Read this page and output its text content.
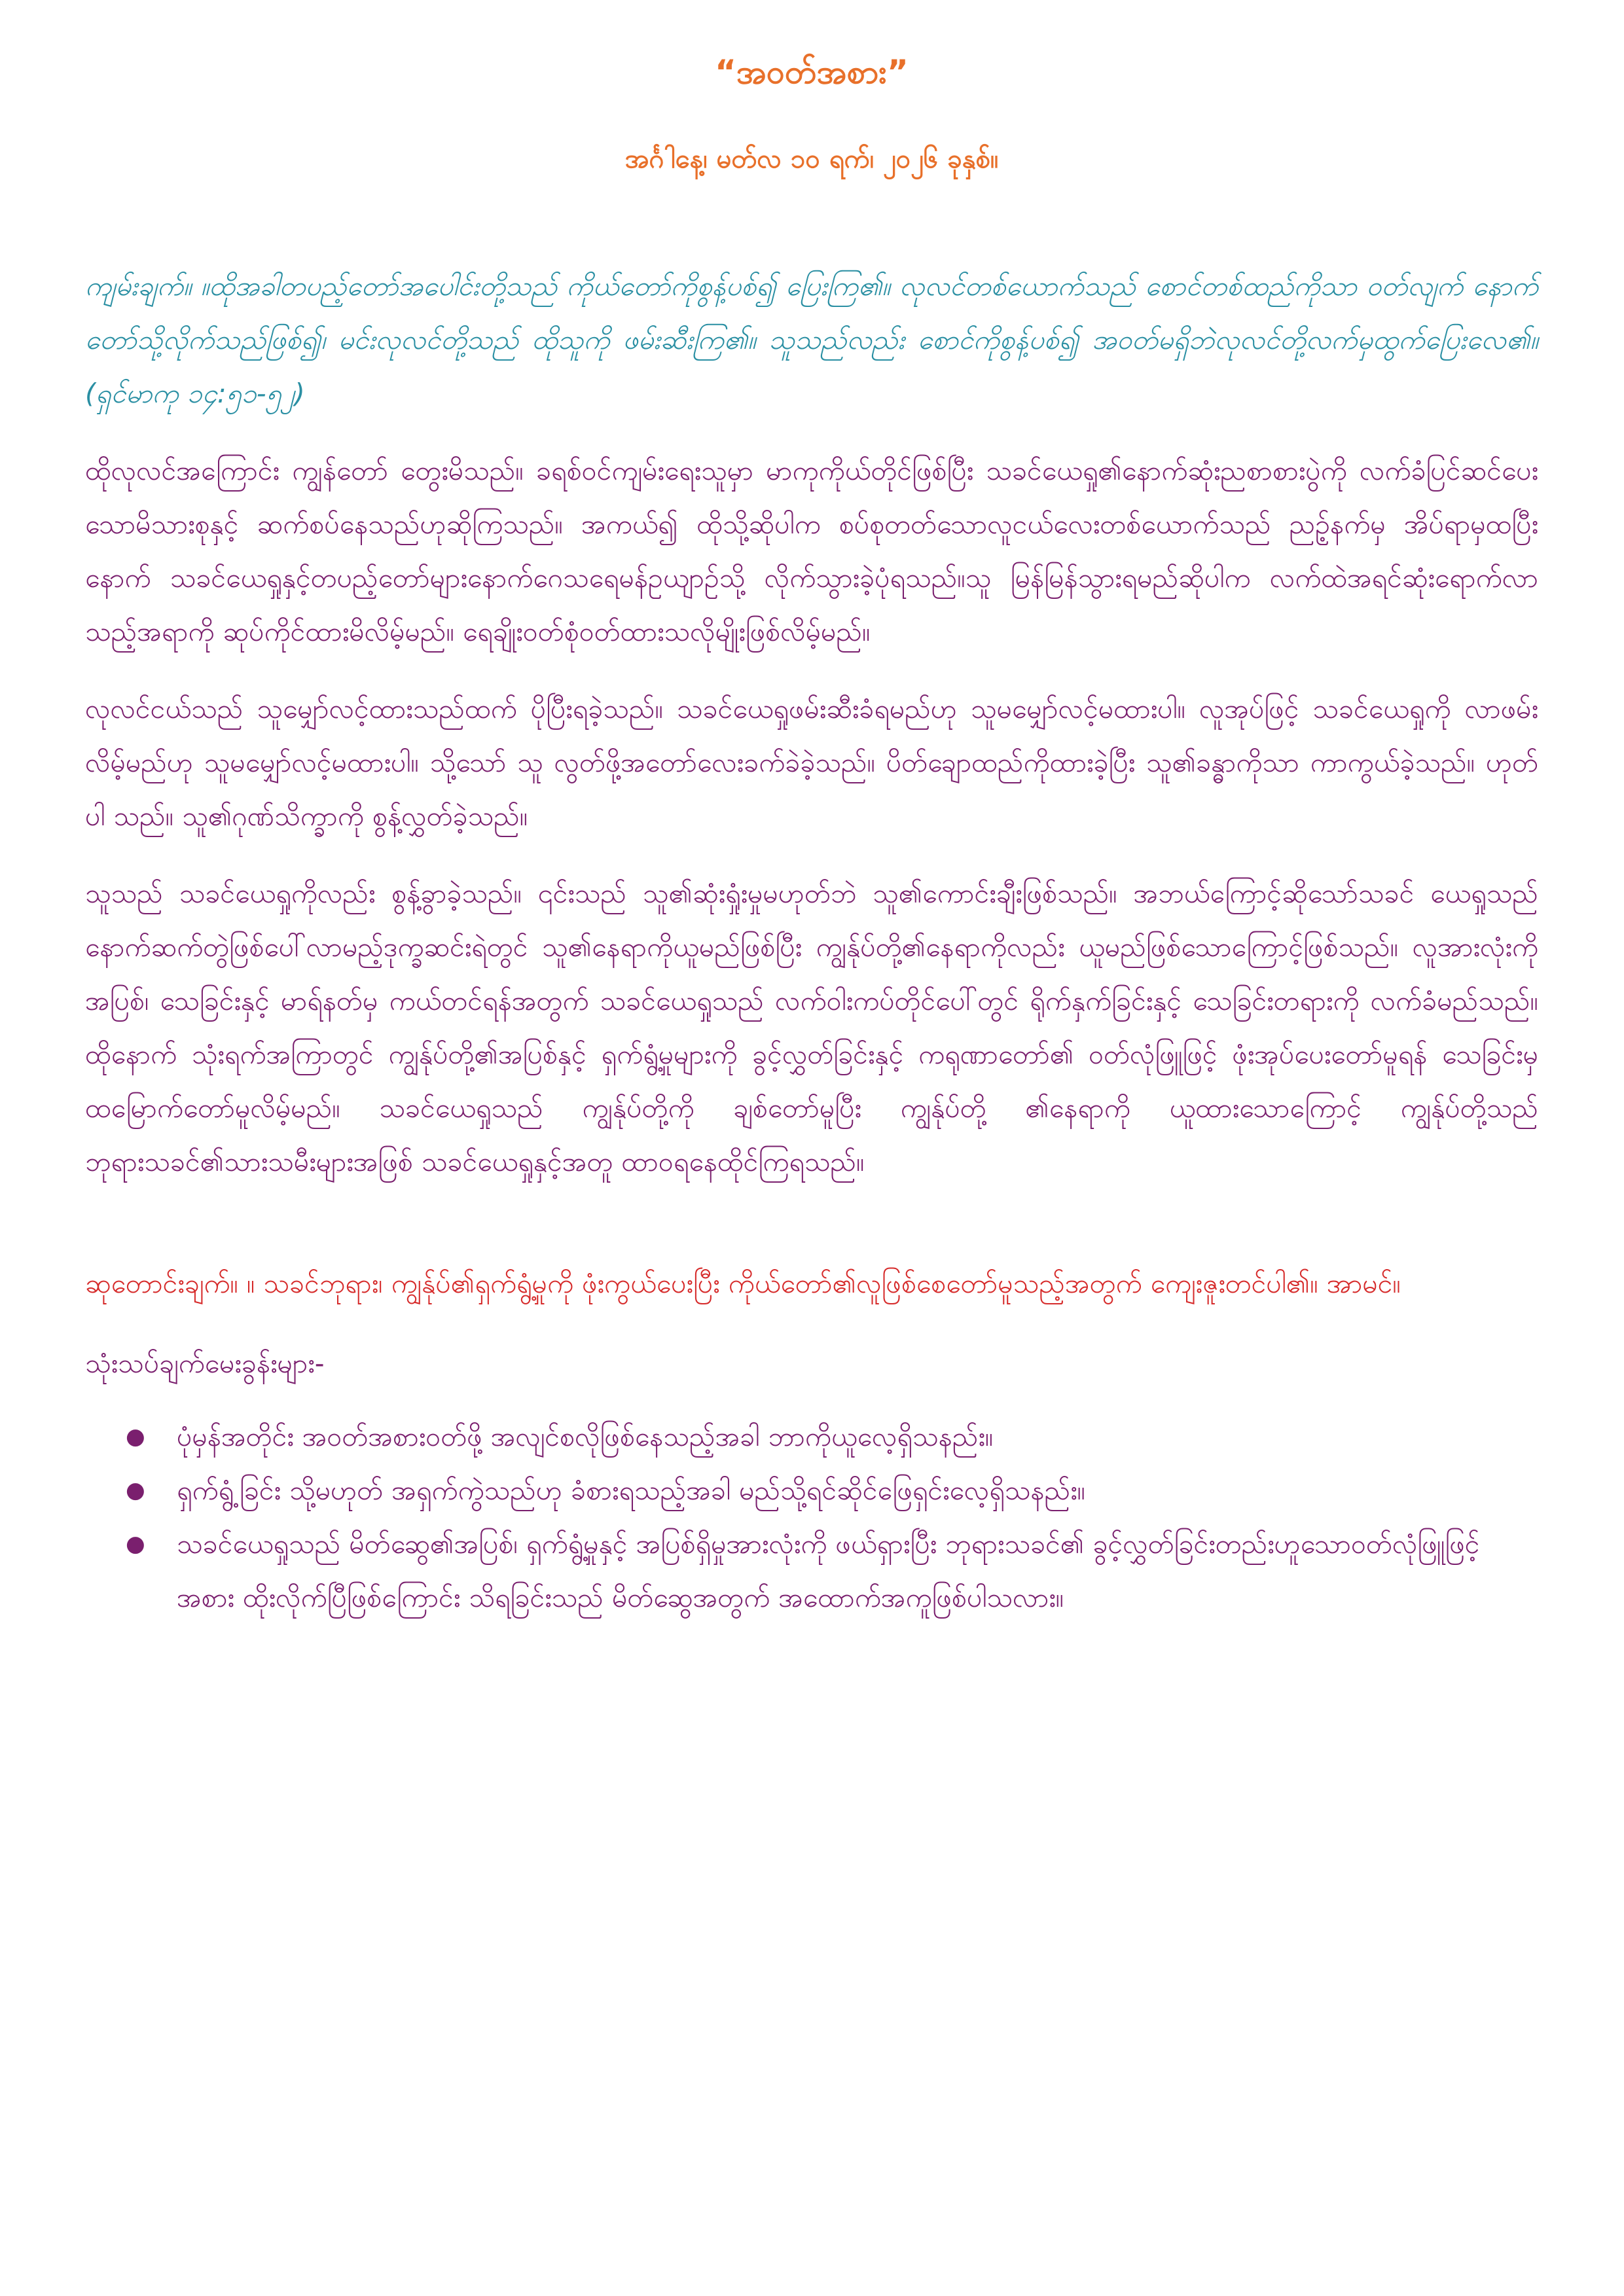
“အဝတ်အစား”
အင်္ဂါနေ့၊ မတ်လ ၁၀ ရက်၊ ၂၀၂၆ ခုနှစ်။
ကျမ်းချက်။ ။ထိုအခါတပည့်တော်အပေါင်းတို့သည် ကိုယ်တော်ကိုစွန့်ပစ်၍ ပြေးကြ၏။ လုလင်တစ်ယောက်သည် စောင်တစ်ထည်ကိုသာ ဝတ်လျက် နောက်တော်သို့လိုက်သည်ဖြစ်၍၊ မင်းလုလင်တို့သည် ထိုသူကို ဖမ်းဆီးကြ၏။ သူသည်လည်း စောင်ကိုစွန့်ပစ်၍ အဝတ်မရှိဘဲလုလင်တို့လက်မှထွက်ပြေးလေ၏။ (ရှင်မာကု ၁၄:၅၁-၅၂)
ထိုလုလင်အကြောင်း ကျွန်တော် တွေးမိသည်။ ခရစ်ဝင်ကျမ်းရေးသူမှာ မာကုကိုယ်တိုင်ဖြစ်ပြီး သခင်ယေရှု၏နောက်ဆုံးညစာစားပွဲကို လက်ခံပြင်ဆင်ပေးသောမိသားစုနှင့် ဆက်စပ်နေသည်ဟုဆိုကြသည်။ အကယ်၍ ထိုသို့ဆိုပါက စပ်စုတတ်သောလူငယ်လေးတစ်ယောက်သည် ညဥ့်နက်မှ အိပ်ရာမှထပြီးနောက် သခင်ယေရှုနှင့်တပည့်တော်များနောက်ဂေသရေမန်ဥယျာဉ်သို့ လိုက်သွားခဲ့ပုံရသည်။သူ မြန်မြန်သွားရမည်ဆိုပါက လက်ထဲအရင်ဆုံးရောက်လာသည့်အရာကို ဆုပ်ကိုင်ထားမိလိမ့်မည်။ ရေချိုးဝတ်စုံဝတ်ထားသလိုမျိုးဖြစ်လိမ့်မည်။
လုလင်ငယ်သည် သူမျှော်လင့်ထားသည်ထက် ပိုပြီးရခဲ့သည်။ သခင်ယေရှုဖမ်းဆီးခံရမည်ဟု သူမမျှော်လင့်မထားပါ။ လူအုပ်ဖြင့် သခင်ယေရှုကို လာဖမ်းလိမ့်မည်ဟု သူမမျှော်လင့်မထားပါ။ သို့သော် သူ လွတ်ဖို့အတော်လေးခက်ခဲခဲ့သည်။ ပိတ်ချောထည်ကိုထားခဲ့ပြီး သူ၏ခန္ဓာကိုသာ ကာကွယ်ခဲ့သည်။ ဟုတ်ပါ သည်။ သူ၏ဂုဏ်သိက္ခာကို စွန့်လွှတ်ခဲ့သည်။
သူသည် သခင်ယေရှုကိုလည်း စွန့်ခွာခဲ့သည်။ ၎င်းသည် သူ၏ဆုံးရှုံးမှုမဟုတ်ဘဲ သူ၏ကောင်းချီးဖြစ်သည်။ အဘယ်ကြောင့်ဆိုသော်သခင် ယေရှုသည် နောက်ဆက်တွဲဖြစ်ပေါ်လာမည့်ဒုက္ခဆင်းရဲတွင် သူ၏နေရာကိုယူမည်ဖြစ်ပြီး ကျွန်ုပ်တို့၏နေရာကိုလည်း ယူမည်ဖြစ်သောကြောင့်ဖြစ်သည်။ လူအားလုံးကို အပြစ်၊ သေခြင်းနှင့် မာရ်နတ်မှ ကယ်တင်ရန်အတွက် သခင်ယေရှုသည် လက်ဝါးကပ်တိုင်ပေါ်တွင် ရိုက်နှက်ခြင်းနှင့် သေခြင်းတရားကို လက်ခံမည်သည်။ ထိုနောက် သုံးရက်အကြာတွင် ကျွန်ုပ်တို့၏အပြစ်နှင့် ရှက်ရွံ့မှုများကို ခွင့်လွှတ်ခြင်းနှင့် ကရုဏာတော်၏ ဝတ်လုံဖြူဖြင့် ဖုံးအုပ်ပေးတော်မူရန် သေခြင်းမှ ထမြောက်တော်မူလိမ့်မည်။ သခင်ယေရှုသည် ကျွန်ုပ်တို့ကို ချစ်တော်မူပြီး ကျွန်ုပ်တို့ ၏နေရာကို ယူထားသောကြောင့် ကျွန်ုပ်တို့သည် ဘုရားသခင်၏သားသမီးများအဖြစ် သခင်ယေရှုနှင့်အတူ ထာဝရနေထိုင်ကြရသည်။
ဆုတောင်းချက်။ ။ သခင်ဘုရား၊ ကျွန်ုပ်၏ရှက်ရွံ့မှုကို ဖုံးကွယ်ပေးပြီး ကိုယ်တော်၏လူဖြစ်စေတော်မူသည့်အတွက် ကျေးဇူးတင်ပါ၏။ အာမင်။
သုံးသပ်ချက်မေးခွန်းများ-
● ပုံမှန်အတိုင်း အဝတ်အစားဝတ်ဖို့ အလျင်စလိုဖြစ်နေသည့်အခါ ဘာကိုယူလေ့ရှိသနည်း။
● ရှက်ရွံ့ခြင်း သို့မဟုတ် အရှက်ကွဲသည်ဟု ခံစားရသည့်အခါ မည်သို့ရင်ဆိုင်ဖြေရှင်းလေ့ရှိသနည်း။
● သခင်ယေရှုသည် မိတ်ဆွေ၏အပြစ်၊ ရှက်ရွံ့မှုနှင့် အပြစ်ရှိမှုအားလုံးကို ဖယ်ရှားပြီး ဘုရားသခင်၏ ခွင့်လွှတ်ခြင်းတည်းဟူသောဝတ်လုံဖြူဖြင့် အစား ထိုးလိုက်ပြီဖြစ်ကြောင်း သိရခြင်းသည် မိတ်ဆွေအတွက် အထောက်အကူဖြစ်ပါသလား။
